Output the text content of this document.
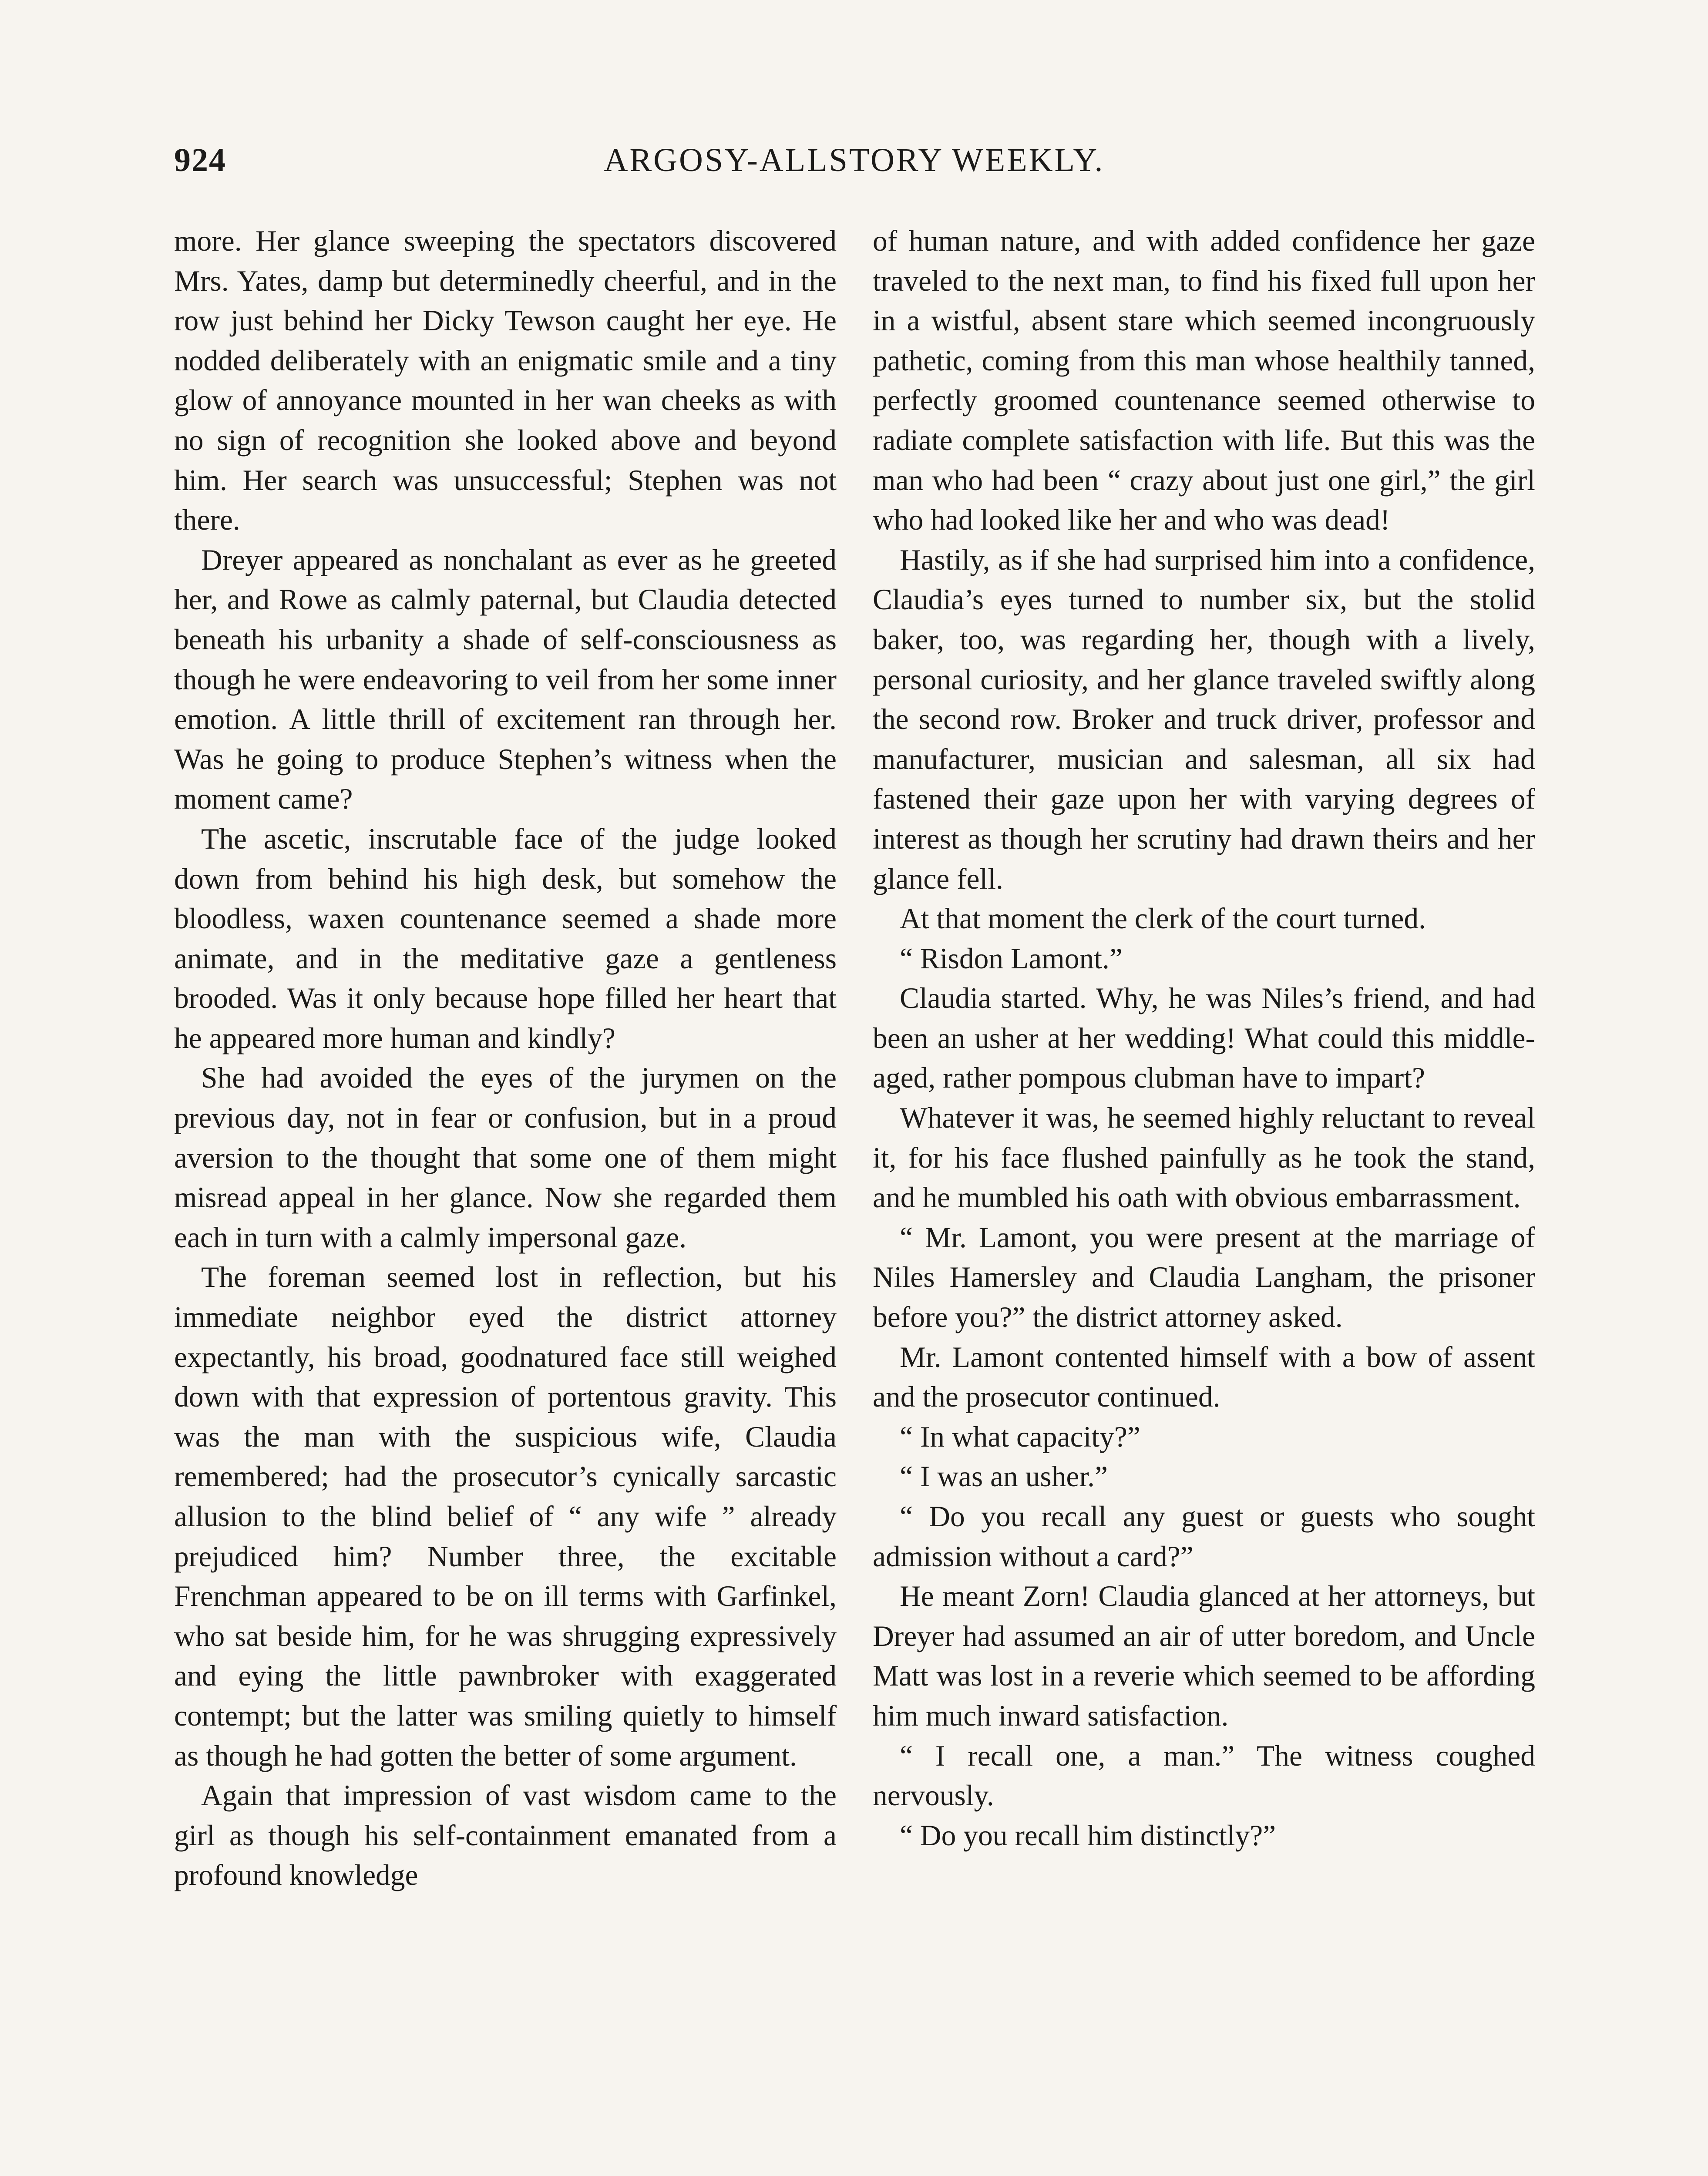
924	ARGOSY-ALLSTORY WEEKLY.

more. Her glance sweeping the spectators discovered Mrs. Yates, damp but determinedly cheerful, and in the row just behind her Dicky Tewson caught her eye. He nodded deliberately with an enigmatic smile and a tiny glow of annoyance mounted in her wan cheeks as with no sign of recognition she looked above and beyond him. Her search was unsuccessful; Stephen was not there.

Dreyer appeared as nonchalant as ever as he greeted her, and Rowe as calmly paternal, but Claudia detected beneath his urbanity a shade of self-consciousness as though he were endeavoring to veil from her some inner emotion. A little thrill of excitement ran through her. Was he going to produce Stephen’s witness when the moment came?

The ascetic, inscrutable face of the judge looked down from behind his high desk, but somehow the bloodless, waxen countenance seemed a shade more animate, and in the meditative gaze a gentleness brooded. Was it only because hope filled her heart that he appeared more human and kindly?

She had avoided the eyes of the jurymen on the previous day, not in fear or confusion, but in a proud aversion to the thought that some one of them might misread appeal in her glance. Now she regarded them each in turn with a calmly impersonal gaze.

The foreman seemed lost in reflection, but his immediate neighbor eyed the district attorney expectantly, his broad, goodnatured face still weighed down with that expression of portentous gravity. This was the man with the suspicious wife, Claudia remembered; had the prosecutor’s cynically sarcastic allusion to the blind belief of “ any wife ” already prejudiced him? Number three, the excitable Frenchman appeared to be on ill terms with Garfinkel, who sat beside him, for he was shrugging expressively and eying the little pawnbroker with exaggerated contempt; but the latter was smiling quietly to himself as though he had gotten the better of some argument.

Again that impression of vast wisdom came to the girl as though his self-containment emanated from a profound knowledge

of human nature, and with added confidence her gaze traveled to the next man, to find his fixed full upon her in a wistful, absent stare which seemed incongruously pathetic, coming from this man whose healthily tanned, perfectly groomed countenance seemed otherwise to radiate complete satisfaction with life. But this was the man who had been “ crazy about just one girl,” the girl who had looked like her and who was dead!

Hastily, as if she had surprised him into a confidence, Claudia’s eyes turned to number six, but the stolid baker, too, was regarding her, though with a lively, personal curiosity, and her glance traveled swiftly along the second row. Broker and truck driver, professor and manufacturer, musician and salesman, all six had fastened their gaze upon her with varying degrees of interest as though her scrutiny had drawn theirs and her glance fell.

At that moment the clerk of the court turned.

“ Risdon Lamont.”

Claudia started. Why, he was Niles’s friend, and had been an usher at her wedding! What could this middle-aged, rather pompous clubman have to impart?

Whatever it was, he seemed highly reluctant to reveal it, for his face flushed painfully as he took the stand, and he mumbled his oath with obvious embarrassment.

“ Mr. Lamont, you were present at the marriage of Niles Hamersley and Claudia Langham, the prisoner before you?” the district attorney asked.

Mr. Lamont contented himself with a bow of assent and the prosecutor continued.

“ In what capacity?”

“ I was an usher.”

“ Do you recall any guest or guests who sought admission without a card?”

He meant Zorn! Claudia glanced at her attorneys, but Dreyer had assumed an air of utter boredom, and Uncle Matt was lost in a reverie which seemed to be affording him much inward satisfaction.

“ I recall one, a man.” The witness coughed nervously.

“ Do you recall him distinctly?”
